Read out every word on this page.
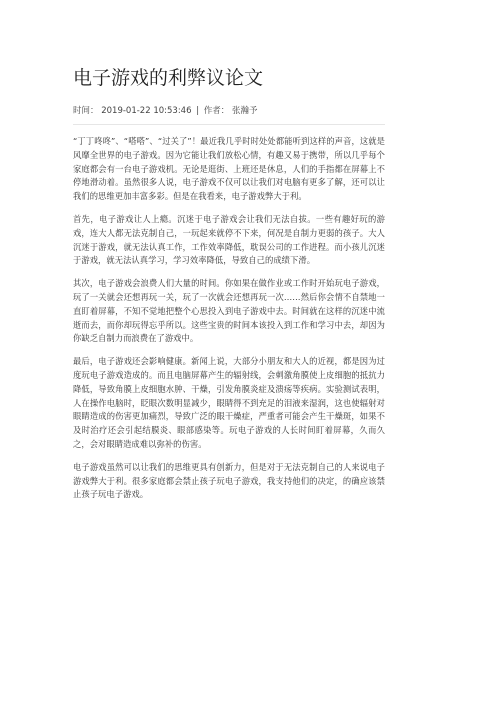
电子游戏的利弊议论文
时间： 2019-01-22 10:53:46 | 作者： 张瀚予

“丁丁咚咚”、“嗒嗒”、“过关了”！最近我几乎时时处处都能听到这样的声音，这就是风靡全世界的电子游戏。因为它能让我们放松心情，有趣又易于携带，所以几乎每个家庭都会有一台电子游戏机。无论是逛街、上班还是休息，人们的手指都在屏幕上不停地滑动着。虽然很多人说，电子游戏不仅可以让我们对电脑有更多了解，还可以让我们的思维更加丰富多彩。但是在我看来，电子游戏弊大于利。

首先，电子游戏让人上瘾。沉迷于电子游戏会让我们无法自拔。一些有趣好玩的游戏，连大人都无法克制自己，一玩起来就停不下来，何况是自制力更弱的孩子。大人沉迷于游戏，就无法认真工作，工作效率降低，耽误公司的工作进程。而小孩儿沉迷于游戏，就无法认真学习，学习效率降低，导致自己的成绩下滑。

其次，电子游戏会浪费人们大量的时间。你如果在做作业或工作时开始玩电子游戏，玩了一关就会还想再玩一关，玩了一次就会还想再玩一次……然后你会情不自禁地一直盯着屏幕，不知不觉地把整个心思投入到电子游戏中去。时间就在这样的沉迷中流逝而去，而你却玩得忘乎所以。这些宝贵的时间本该投入到工作和学习中去，却因为你缺乏自制力而浪费在了游戏中。

最后，电子游戏还会影响健康。新闻上说，大部分小朋友和大人的近视，都是因为过度玩电子游戏造成的。而且电脑屏幕产生的辐射线，会刺激角膜使上皮细胞的抵抗力降低，导致角膜上皮细胞水肿、干燥，引发角膜炎症及溃疡等疾病。实验测试表明，人在操作电脑时，眨眼次数明显减少，眼睛得不到充足的泪液来湿润，这也使辐射对眼睛造成的伤害更加痛烈，导致广泛的眼干燥症，严重者可能会产生干燥斑，如果不及时治疗还会引起结膜炎、眼部感染等。玩电子游戏的人长时间盯着屏幕，久而久之，会对眼睛造成难以弥补的伤害。

电子游戏虽然可以让我们的思维更具有创新力，但是对于无法克制自己的人来说电子游戏弊大于利。很多家庭都会禁止孩子玩电子游戏，我支持他们的决定，的确应该禁止孩子玩电子游戏。
